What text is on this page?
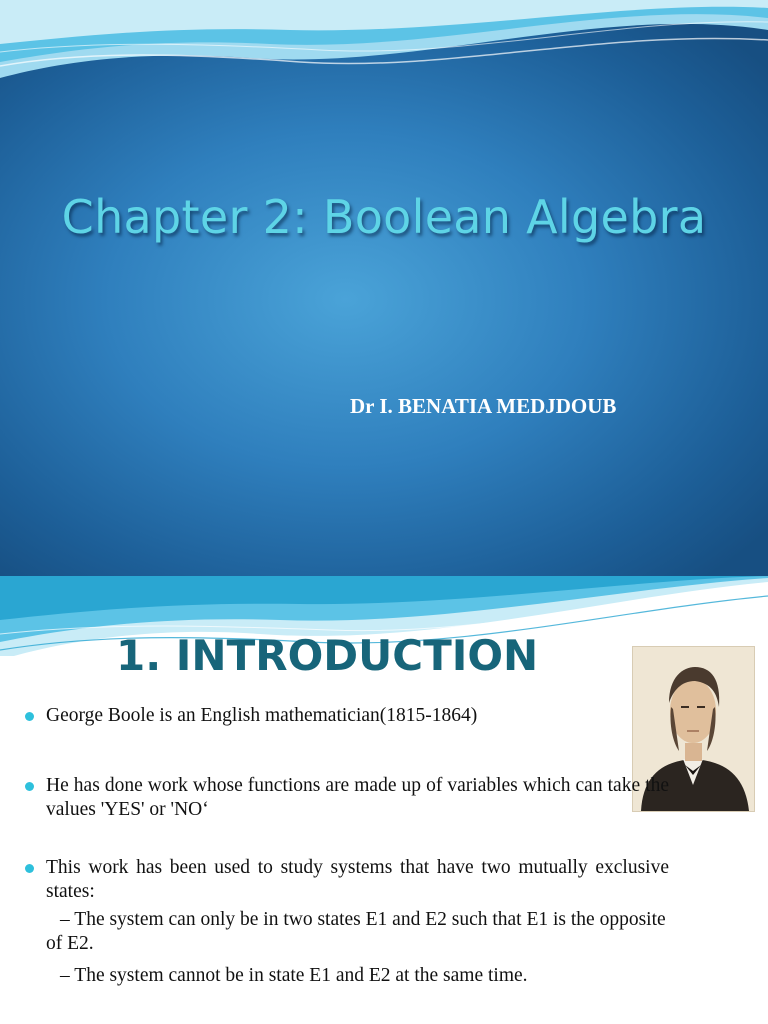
Chapter 2: Boolean Algebra
Dr I. BENATIA MEDJDOUB
1. INTRODUCTION
George Boole is an English mathematician(1815-1864)
He has done work whose functions are made up of variables which can take the values 'YES' or 'NO‘
This work has been used to study systems that have two mutually exclusive states:
– The system can only be in two states E1 and E2 such that E1 is the opposite of E2.
– The system cannot be in state E1 and E2 at the same time.
